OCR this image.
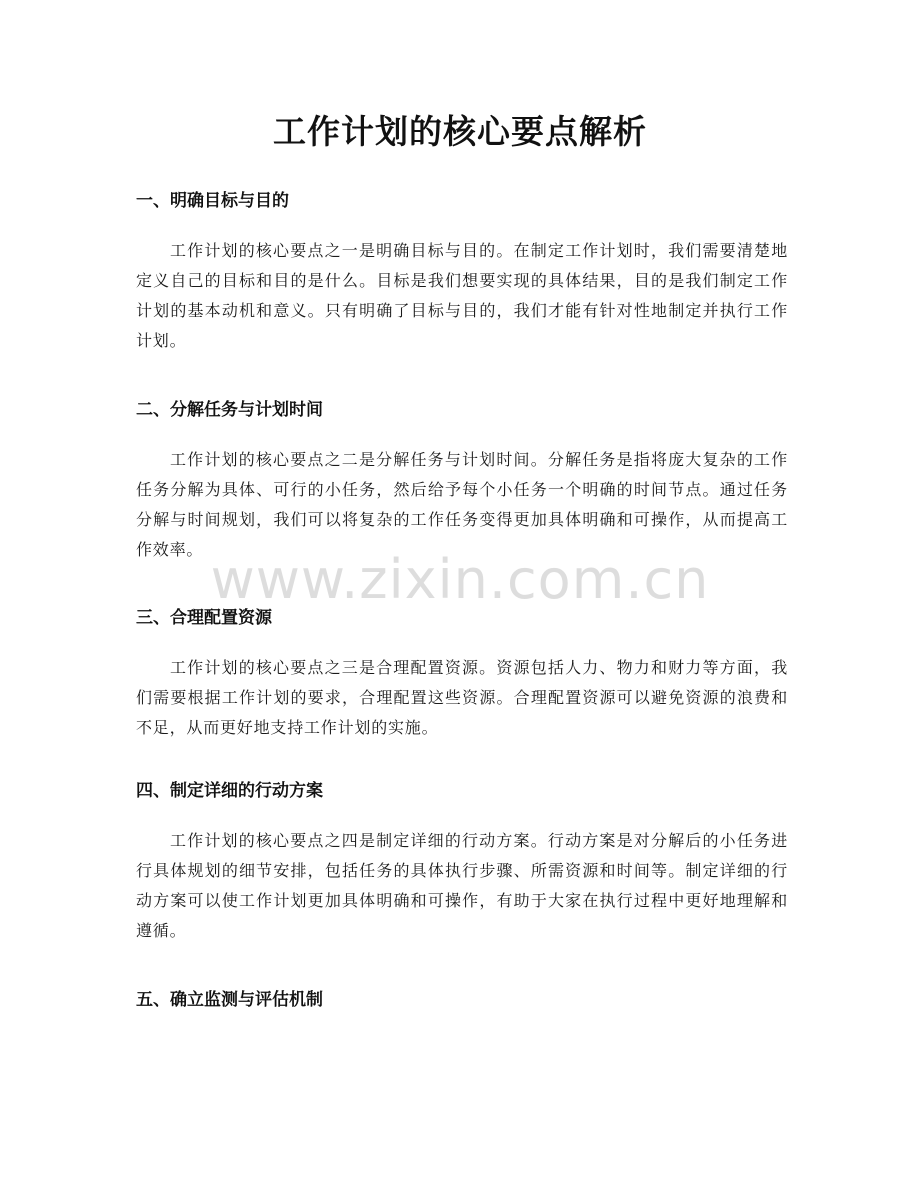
工作计划的核心要点解析
一、明确目标与目的

工作计划的核心要点之一是明确目标与目的。在制定工作计划时，我们需要清楚地定义自己的目标和目的是什么。目标是我们想要实现的具体结果，目的是我们制定工作计划的基本动机和意义。只有明确了目标与目的，我们才能有针对性地制定并执行工作计划。

二、分解任务与计划时间

工作计划的核心要点之二是分解任务与计划时间。分解任务是指将庞大复杂的工作任务分解为具体、可行的小任务，然后给予每个小任务一个明确的时间节点。通过任务分解与时间规划，我们可以将复杂的工作任务变得更加具体明确和可操作，从而提高工作效率。

三、合理配置资源

工作计划的核心要点之三是合理配置资源。资源包括人力、物力和财力等方面，我们需要根据工作计划的要求，合理配置这些资源。合理配置资源可以避免资源的浪费和不足，从而更好地支持工作计划的实施。

四、制定详细的行动方案

工作计划的核心要点之四是制定详细的行动方案。行动方案是对分解后的小任务进行具体规划的细节安排，包括任务的具体执行步骤、所需资源和时间等。制定详细的行动方案可以使工作计划更加具体明确和可操作，有助于大家在执行过程中更好地理解和遵循。

五、确立监测与评估机制
www.zixin.com.cn
